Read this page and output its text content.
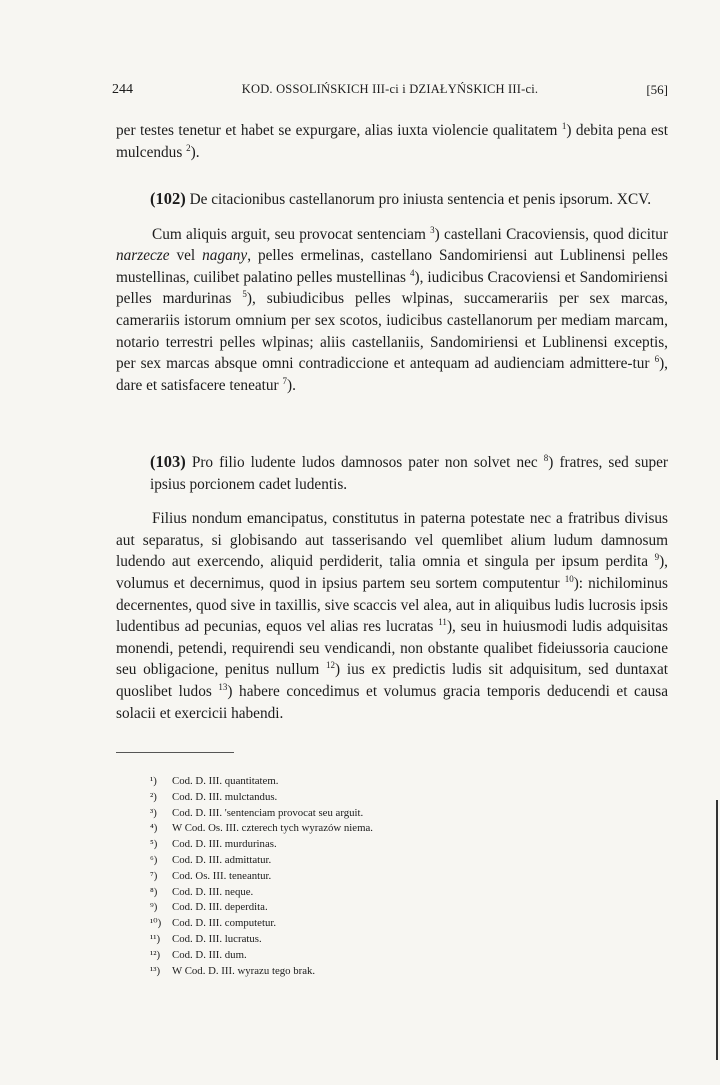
244	KOD. OSSOLIŃSKICH III-ci i DZIAŁYŃSKICH III-ci.	[56]

per testes tenetur et habet se expurgare, alias iuxta violencie qualitatem $^1$) debita pena est mulcendus $^2$).

(102) De citacionibus castellanorum pro iniusta sentencia et penis ipsorum. XCV.

Cum aliquis arguit, seu provocat sentenciam $^3$) castellani Cracoviensis, quod dicitur narzecze vel nagany, pelles ermelinas, castellano Sandomiriensi aut Lublinensi pelles mustellinas, cuilibet palatino pelles mustellinas $^4$), iudicibus Cracoviensi et Sandomiriensi pelles mardurinas $^5$), subiudicibus pelles wlpinas, succamerariis per sex marcas, camerariis istorum omnium per sex scotos, iudicibus castellanorum per mediam marcam, notario terrestri pelles wlpinas; aliis castellaniis, Sandomiriensi et Lublinensi exceptis, per sex marcas absque omni contradiccione et antequam ad audienciam admittere-tur $^6$), dare et satisfacere teneatur $^7$).

(103) Pro filio ludente ludos damnosos pater non solvet nec $^8$) fratres, sed super ipsius porcionem cadet ludentis.

Filius nondum emancipatus, constitutus in paterna potestate nec a fratribus divisus aut separatus, si globisando aut tasserisando vel quemlibet alium ludum damnosum ludendo aut exercendo, aliquid perdiderit, talia omnia et singula per ipsum perdita $^9$), volumus et decernimus, quod in ipsius partem seu sortem computentur $^{10}$): nichilominus decernentes, quod sive in taxillis, sive scaccis vel alea, aut in aliquibus ludis lucrosis ipsis ludentibus ad pecunias, equos vel alias res lucratas $^{11}$), seu in huiusmodi ludis adquisitas monendi, petendi, requirendi seu vendicandi, non obstante qualibet fideiussoria caucione seu obligacione, penitus nullum $^{12}$) ius ex predictis ludis sit adquisitum, sed duntaxat quoslibet ludos $^{13}$) habere concedimus et volumus gracia temporis deducendi et causa solacii et exercicii habendi.

¹) Cod. D. III. quantitatem.
²) Cod. D. III. mulctandus.
³) Cod. D. III. 'sentenciam provocat seu arguit.
⁴) W Cod. Os. III. czterech tych wyrazów niema.
⁵) Cod. D. III. murdurinas.
⁶) Cod. D. III. admittatur.
⁷) Cod. Os. III. teneantur.
⁸) Cod. D. III. neque.
⁹) Cod. D. III. deperdita.
¹⁰) Cod. D. III. computetur.
¹¹) Cod. D. III. lucratus.
¹²) Cod. D. III. dum.
¹³) W Cod. D. III. wyrazu tego brak.
